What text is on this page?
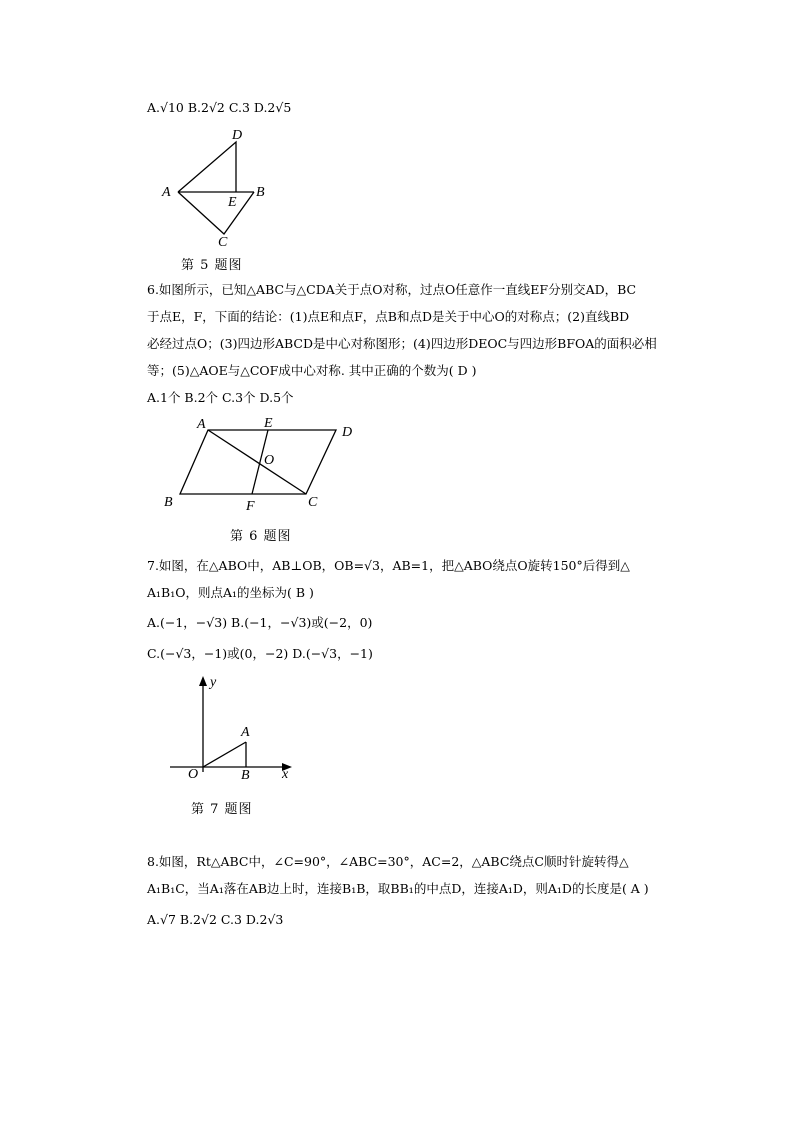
A.√10 B.2√2 C.3 D.2√5
D
A	B
E
C
第 5 题图
6.如图所示，已知△ABC与△CDA关于点O对称，过点O任意作一直线EF分别交AD，BC
于点E，F，下面的结论：(1)点E和点F，点B和点D是关于中心O的对称点；(2)直线BD
必经过点O；(3)四边形ABCD是中心对称图形；(4)四边形DEOC与四边形BFOA的面积必相
等；(5)△AOE与△COF成中心对称. 其中正确的个数为( D )
A.1个 B.2个 C.3个 D.5个
A	E
D
O
B	F	C
第 6 题图
7.如图，在△ABO中，AB⊥OB，OB=√3，AB=1，把△ABO绕点O旋转150°后得到△
A₁B₁O，则点A₁的坐标为( B )
A.(−1，−√3) B.(−1，−√3)或(−2，0)
C.(−√3，−1)或(0，−2) D.(−√3，−1)
y
A
O	B x
第 7 题图
8.如图，Rt△ABC中，∠C=90°，∠ABC=30°，AC=2，△ABC绕点C顺时针旋转得△
A₁B₁C，当A₁落在AB边上时，连接B₁B，取BB₁的中点D，连接A₁D，则A₁D的长度是( A )
A.√7 B.2√2 C.3 D.2√3
